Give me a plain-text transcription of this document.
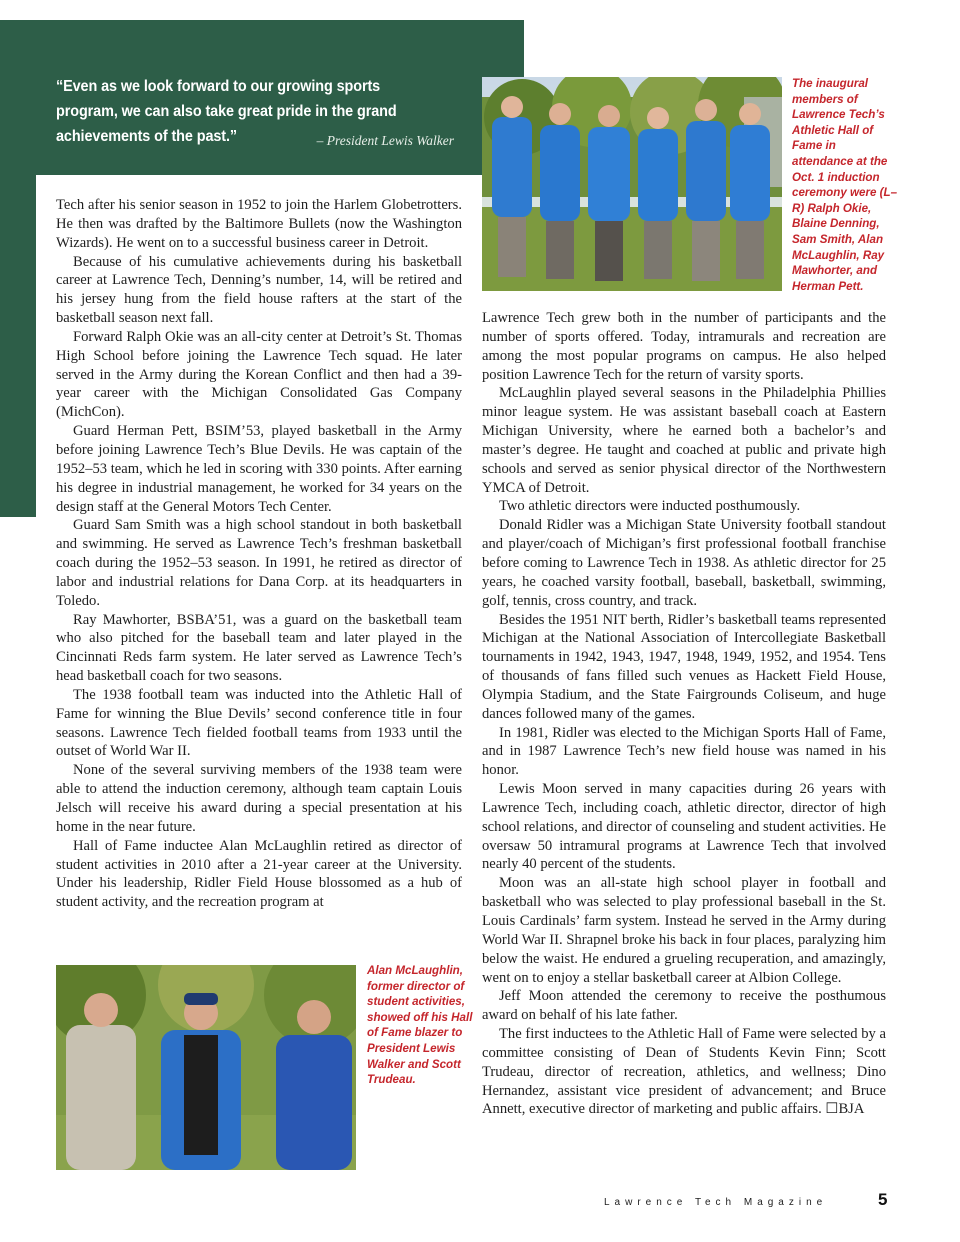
“Even as we look forward to our growing sports program, we can also take great pride in the grand achievements of the past.”	– President Lewis Walker
The inaugural members of Lawrence Tech’s Athletic Hall of Fame in attendance at the Oct. 1 induction ceremony were (L–R) Ralph Okie, Blaine Denning, Sam Smith, Alan McLaughlin, Ray Mawhorter, and Herman Pett.

Tech after his senior season in 1952 to join the Harlem Globetrotters. He then was drafted by the Baltimore Bullets (now the Washington Wizards). He went on to a successful business career in Detroit.

Because of his cumulative achievements during his basketball career at Lawrence Tech, Denning’s number, 14, will be retired and his jersey hung from the field house rafters at the start of the basketball season next fall.

Forward Ralph Okie was an all-city center at Detroit’s St. Thomas High School before joining the Lawrence Tech squad. He later served in the Army during the Korean Conflict and then had a 39-year career with the Michigan Consolidated Gas Company (MichCon).

Guard Herman Pett, BSIM’53, played basketball in the Army before joining Lawrence Tech’s Blue Devils. He was captain of the 1952–53 team, which he led in scoring with 330 points. After earning his degree in industrial management, he worked for 34 years on the design staff at the General Motors Tech Center.

Guard Sam Smith was a high school standout in both basketball and swimming. He served as Lawrence Tech’s freshman basketball coach during the 1952–53 season. In 1991, he retired as director of labor and industrial relations for Dana Corp. at its headquarters in Toledo.

Ray Mawhorter, BSBA’51, was a guard on the basketball team who also pitched for the baseball team and later played in the Cincinnati Reds farm system. He later served as Lawrence Tech’s head basketball coach for two seasons.

The 1938 football team was inducted into the Athletic Hall of Fame for winning the Blue Devils’ second conference title in four seasons. Lawrence Tech fielded football teams from 1933 until the outset of World War II.

None of the several surviving members of the 1938 team were able to attend the induction ceremony, although team captain Louis Jelsch will receive his award during a special presentation at his home in the near future.

Hall of Fame inductee Alan McLaughlin retired as director of student activities in 2010 after a 21-year career at the University. Under his leadership, Ridler Field House blossomed as a hub of student activity, and the recreation program at

Lawrence Tech grew both in the number of participants and the number of sports offered. Today, intramurals and recreation are among the most popular programs on campus. He also helped position Lawrence Tech for the return of varsity sports.

McLaughlin played several seasons in the Philadelphia Phillies minor league system. He was assistant baseball coach at Eastern Michigan University, where he earned both a bachelor’s and master’s degree. He taught and coached at public and private high schools and served as senior physical director of the Northwestern YMCA of Detroit.

Two athletic directors were inducted posthumously.

Donald Ridler was a Michigan State University football standout and player/coach of Michigan’s first professional football franchise before coming to Lawrence Tech in 1938. As athletic director for 25 years, he coached varsity football, baseball, basketball, swimming, golf, tennis, cross country, and track.

Besides the 1951 NIT berth, Ridler’s basketball teams represented Michigan at the National Association of Intercollegiate Basketball tournaments in 1942, 1943, 1947, 1948, 1949, 1952, and 1954. Tens of thousands of fans filled such venues as Hackett Field House, Olympia Stadium, and the State Fairgrounds Coliseum, and huge dances followed many of the games.

In 1981, Ridler was elected to the Michigan Sports Hall of Fame, and in 1987 Lawrence Tech’s new field house was named in his honor.

Lewis Moon served in many capacities during 26 years with Lawrence Tech, including coach, athletic director, director of high school relations, and director of counseling and student activities. He oversaw 50 intramural programs at Lawrence Tech that involved nearly 40 percent of the students.

Moon was an all-state high school player in football and basketball who was selected to play professional baseball in the St. Louis Cardinals’ farm system. Instead he served in the Army during World War II. Shrapnel broke his back in four places, paralyzing him below the waist. He endured a grueling recuperation, and amazingly, went on to enjoy a stellar basketball career at Albion College.

Jeff Moon attended the ceremony to receive the posthumous award on behalf of his late father.

The first inductees to the Athletic Hall of Fame were selected by a committee consisting of Dean of Students Kevin Finn; Scott Trudeau, director of recreation, athletics, and wellness; Dino Hernandez, assistant vice president of advancement; and Bruce Annett, executive director of marketing and public affairs. ☐BJA

Alan McLaughlin, former director of student activities, showed off his Hall of Fame blazer to President Lewis Walker and Scott Trudeau.
Lawrence Tech Magazine	5
